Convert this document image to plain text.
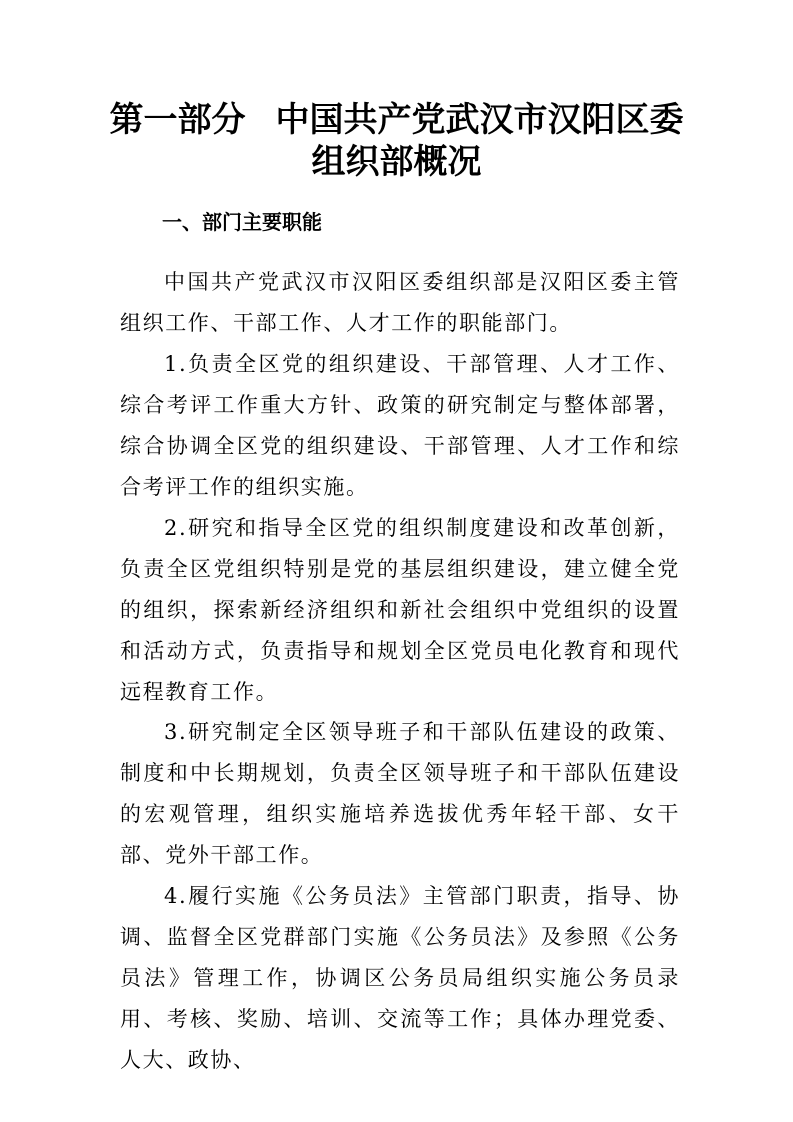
第一部分 中国共产党武汉市汉阳区委
组织部概况
一、部门主要职能

中国共产党武汉市汉阳区委组织部是汉阳区委主管组织工作、干部工作、人才工作的职能部门。

1.负责全区党的组织建设、干部管理、人才工作、综合考评工作重大方针、政策的研究制定与整体部署，综合协调全区党的组织建设、干部管理、人才工作和综合考评工作的组织实施。

2.研究和指导全区党的组织制度建设和改革创新，负责全区党组织特别是党的基层组织建设，建立健全党的组织，探索新经济组织和新社会组织中党组织的设置和活动方式，负责指导和规划全区党员电化教育和现代远程教育工作。

3.研究制定全区领导班子和干部队伍建设的政策、制度和中长期规划，负责全区领导班子和干部队伍建设的宏观管理，组织实施培养选拔优秀年轻干部、女干部、党外干部工作。

4.履行实施《公务员法》主管部门职责，指导、协调、监督全区党群部门实施《公务员法》及参照《公务员法》管理工作，协调区公务员局组织实施公务员录用、考核、奖励、培训、交流等工作；具体办理党委、人大、政协、
